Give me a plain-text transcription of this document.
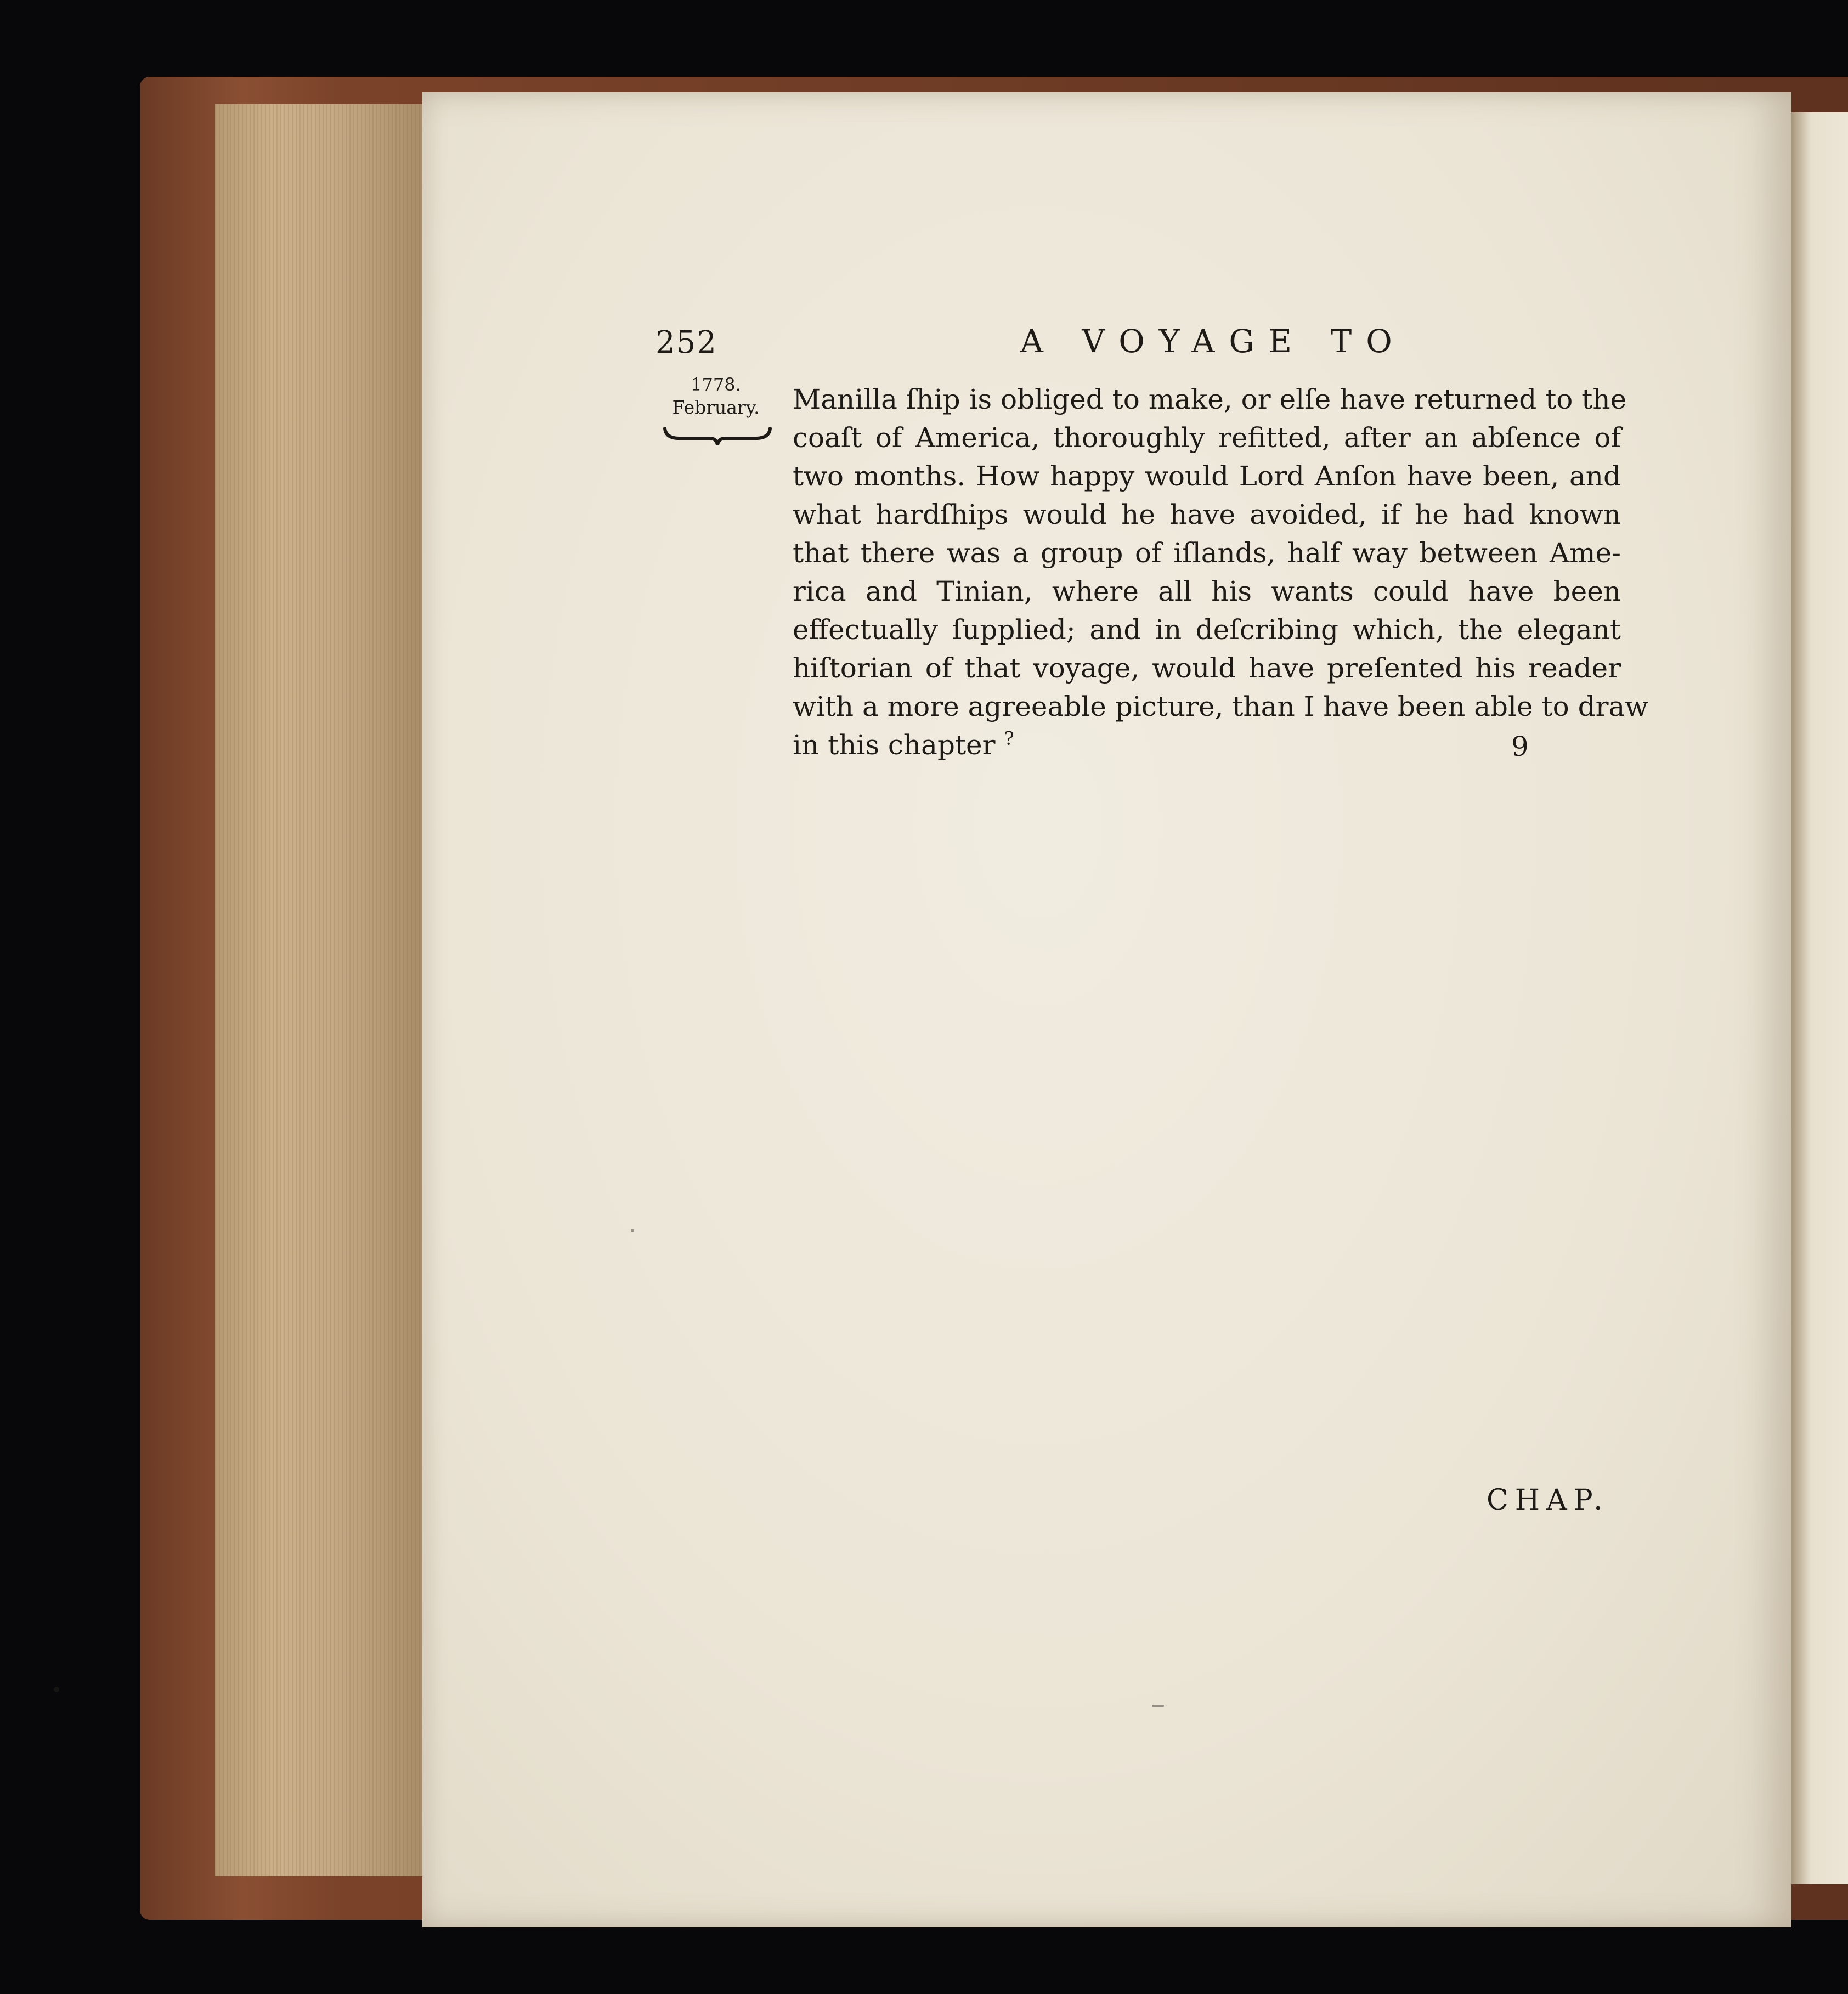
252	A VOYAGE TO
1778.
February. Manilla ſhip is obliged to make, or elſe have returned to the
coaſt of America, thoroughly refitted, after an abſence of
two months. How happy would Lord Anſon have been, and
what hardſhips would he have avoided, if he had known
that there was a group of iſlands, half way between Ame-
rica and Tinian, where all his wants could have been
effectually ſupplied; and in deſcribing which, the elegant
hiſtorian of that voyage, would have preſented his reader
with a more agreeable picture, than I have been able to draw
in this chapter ?	9
CHAP.
